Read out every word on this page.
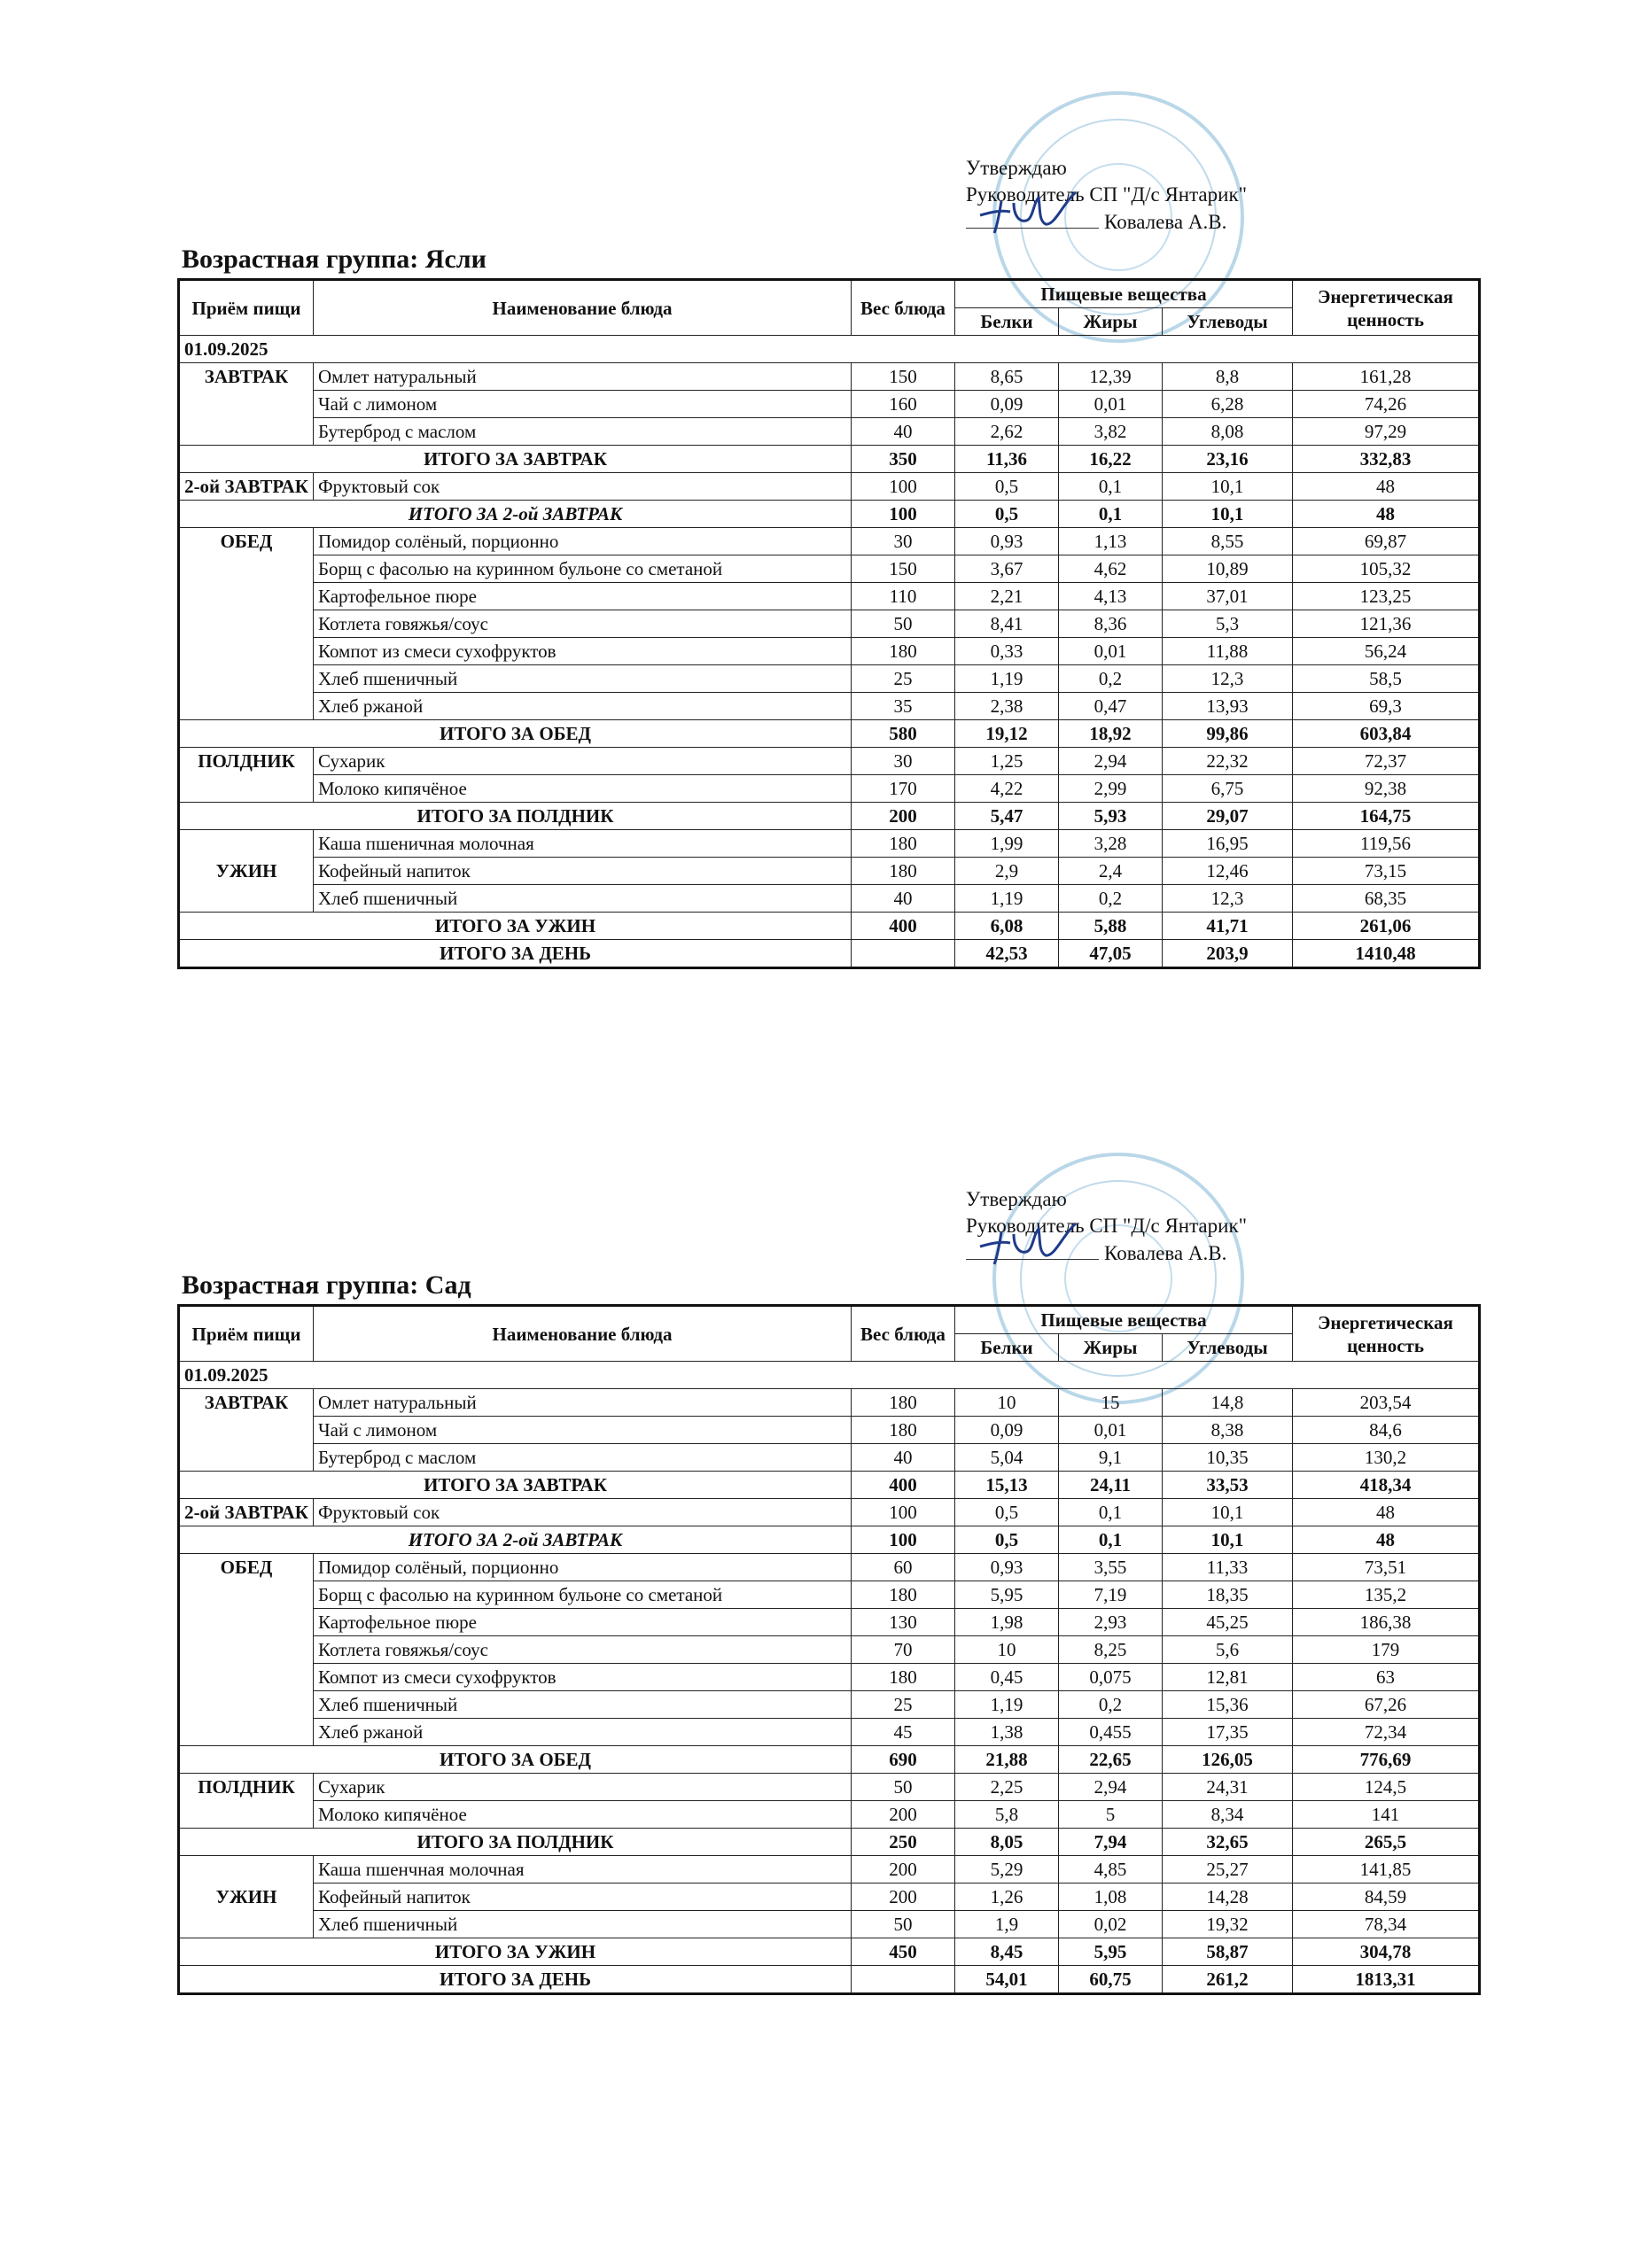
Утверждаю
Руководитель СП "Д/с Янтарик"
Ковалева А.В.
Возрастная группа: Ясли
Приём пищи	Наименование блюда	Вес блюда	Пищевые вещества			Энергетическая ценность
			Белки	Жиры	Углеводы	
01.09.2025						
ЗАВТРАК	Омлет натуральный	150	8,65	12,39	8,8	161,28
	Чай с лимоном	160	0,09	0,01	6,28	74,26
	Бутерброд с маслом	40	2,62	3,82	8,08	97,29
ИТОГО ЗА ЗАВТРАК		350	11,36	16,22	23,16	332,83
2-ой ЗАВТРАК	Фруктовый сок	100	0,5	0,1	10,1	48
ИТОГО ЗА 2-ой ЗАВТРАК		100	0,5	0,1	10,1	48
ОБЕД	Помидор солёный, порционно	30	0,93	1,13	8,55	69,87
	Борщ с фасолью на куринном бульоне со сметаной	150	3,67	4,62	10,89	105,32
	Картофельное пюре	110	2,21	4,13	37,01	123,25
	Котлета говяжья/соус	50	8,41	8,36	5,3	121,36
	Компот из смеси сухофруктов	180	0,33	0,01	11,88	56,24
	Хлеб пшеничный	25	1,19	0,2	12,3	58,5
	Хлеб ржаной	35	2,38	0,47	13,93	69,3
ИТОГО ЗА ОБЕД		580	19,12	18,92	99,86	603,84
ПОЛДНИК	Сухарик	30	1,25	2,94	22,32	72,37
	Молоко кипячёное	170	4,22	2,99	6,75	92,38
ИТОГО ЗА ПОЛДНИК		200	5,47	5,93	29,07	164,75
УЖИН	Каша пшеничная молочная	180	1,99	3,28	16,95	119,56
	Кофейный напиток	180	2,9	2,4	12,46	73,15
	Хлеб пшеничный	40	1,19	0,2	12,3	68,35
ИТОГО ЗА УЖИН		400	6,08	5,88	41,71	261,06
ИТОГО ЗА ДЕНЬ			42,53	47,05	203,9	1410,48
Утверждаю
Руководитель СП "Д/с Янтарик"
Ковалева А.В.
Возрастная группа: Сад
Приём пищи	Наименование блюда	Вес блюда	Пищевые вещества			Энергетическая ценность
			Белки	Жиры	Углеводы	
01.09.2025						
ЗАВТРАК	Омлет натуральный	180	10	15	14,8	203,54
	Чай с лимоном	180	0,09	0,01	8,38	84,6
	Бутерброд с маслом	40	5,04	9,1	10,35	130,2
ИТОГО ЗА ЗАВТРАК		400	15,13	24,11	33,53	418,34
2-ой ЗАВТРАК	Фруктовый сок	100	0,5	0,1	10,1	48
ИТОГО ЗА 2-ой ЗАВТРАК		100	0,5	0,1	10,1	48
ОБЕД	Помидор солёный, порционно	60	0,93	3,55	11,33	73,51
	Борщ с фасолью на куринном бульоне со сметаной	180	5,95	7,19	18,35	135,2
	Картофельное пюре	130	1,98	2,93	45,25	186,38
	Котлета говяжья/соус	70	10	8,25	5,6	179
	Компот из смеси сухофруктов	180	0,45	0,075	12,81	63
	Хлеб пшеничный	25	1,19	0,2	15,36	67,26
	Хлеб ржаной	45	1,38	0,455	17,35	72,34
ИТОГО ЗА ОБЕД		690	21,88	22,65	126,05	776,69
ПОЛДНИК	Сухарик	50	2,25	2,94	24,31	124,5
	Молоко кипячёное	200	5,8	5	8,34	141
ИТОГО ЗА ПОЛДНИК		250	8,05	7,94	32,65	265,5
УЖИН	Каша пшенчная молочная	200	5,29	4,85	25,27	141,85
	Кофейный напиток	200	1,26	1,08	14,28	84,59
	Хлеб пшеничный	50	1,9	0,02	19,32	78,34
ИТОГО ЗА УЖИН		450	8,45	5,95	58,87	304,78
ИТОГО ЗА ДЕНЬ			54,01	60,75	261,2	1813,31
